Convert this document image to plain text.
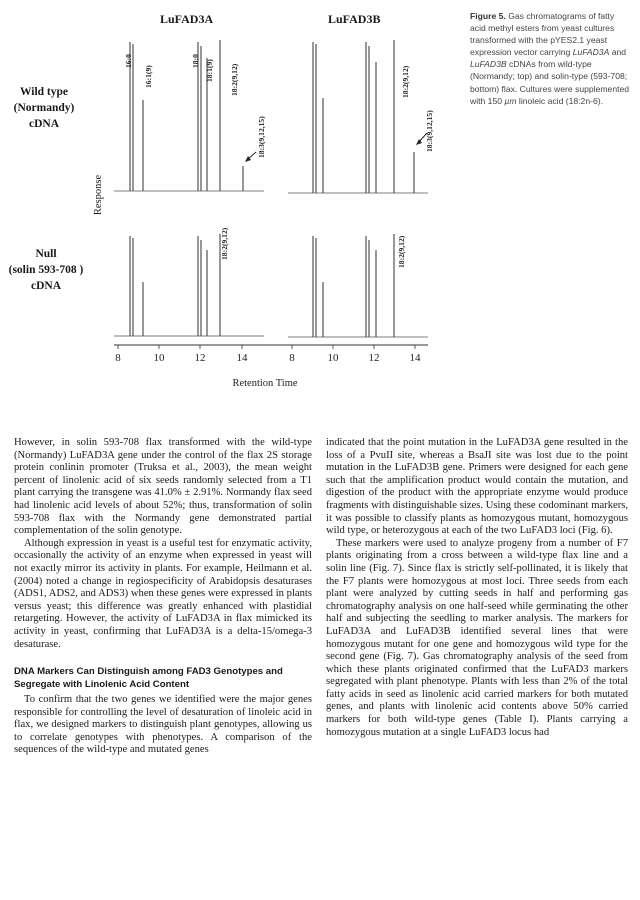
8	10	12	14	8	10	12	14
Retention Time
Response
16:0
16:1(9)
18:0 18:1(9) 18:2(9,12)
18:3(9,12,15)
18:2(9,12)
18:3(9,12,15)
18:2(9,12)	18:2(9,12)
LuFAD3A	LuFAD3B
Wild type
(Normandy)
cDNA
Null
(solin 593-708 )
cDNA
Figure 5. Gas chromatograms of fatty acid methyl esters from yeast cultures transformed with the pYES2.1 yeast expression vector carrying LuFAD3A and LuFAD3B cDNAs from wild-type (Normandy; top) and solin-type (593-708; bottom) flax. Cultures were supplemented with 150 µm linoleic acid (18:2n-6).

However, in solin 593-708 flax transformed with the wild-type (Normandy) LuFAD3A gene under the control of the flax 2S storage protein conlinin promoter (Truksa et al., 2003), the mean weight percent of linolenic acid of six seeds randomly selected from a T1 plant carrying the transgene was 41.0% ± 2.91%. Normandy flax seed had linolenic acid levels of about 52%; thus, transformation of solin 593-708 flax with the Normandy gene demonstrated partial complementation of the solin genotype.

Although expression in yeast is a useful test for enzymatic activity, occasionally the activity of an enzyme when expressed in yeast will not exactly mirror its activity in plants. For example, Heilmann et al. (2004) noted a change in regiospecificity of Arabidopsis desaturases (ADS1, ADS2, and ADS3) when these genes were expressed in plants versus yeast; this difference was greatly enhanced with plastidial retargeting. However, the activity of LuFAD3A in flax mimicked its activity in yeast, confirming that LuFAD3A is a delta-15/omega-3 desaturase.

DNA Markers Can Distinguish among FAD3 Genotypes and Segregate with Linolenic Acid Content

To confirm that the two genes we identified were the major genes responsible for controlling the level of desaturation of linoleic acid in flax, we designed markers to distinguish plant genotypes, allowing us to correlate genotypes with phenotypes. A comparison of the sequences of the wild-type and mutated genes

indicated that the point mutation in the LuFAD3A gene resulted in the loss of a PvuII site, whereas a BsaJI site was lost due to the point mutation in the LuFAD3B gene. Primers were designed for each gene such that the amplification product would contain the mutation, and digestion of the product with the appropriate enzyme would produce fragments with distinguishable sizes. Using these codominant markers, it was possible to classify plants as homozygous mutant, homozygous wild type, or heterozygous at each of the two LuFAD3 loci (Fig. 6).

These markers were used to analyze progeny from a number of F7 plants originating from a cross between a wild-type flax line and a solin line (Fig. 7). Since flax is strictly self-pollinated, it is likely that the F7 plants were homozygous at most loci. Three seeds from each plant were analyzed by cutting seeds in half and performing gas chromatography analysis on one half-seed while germinating the other half and subjecting the seedling to marker analysis. The markers for LuFAD3A and LuFAD3B identified several lines that were homozygous mutant for one gene and homozygous wild type for the second gene (Fig. 7). Gas chromatography analysis of the seed from which these plants originated confirmed that the LuFAD3 markers segregated with plant phenotype. Plants with less than 2% of the total fatty acids in seed as linolenic acid carried markers for both mutated genes, and plants with linolenic acid contents above 50% carried markers for both wild-type genes (Table I). Plants carrying a homozygous mutation at a single LuFAD3 locus had
